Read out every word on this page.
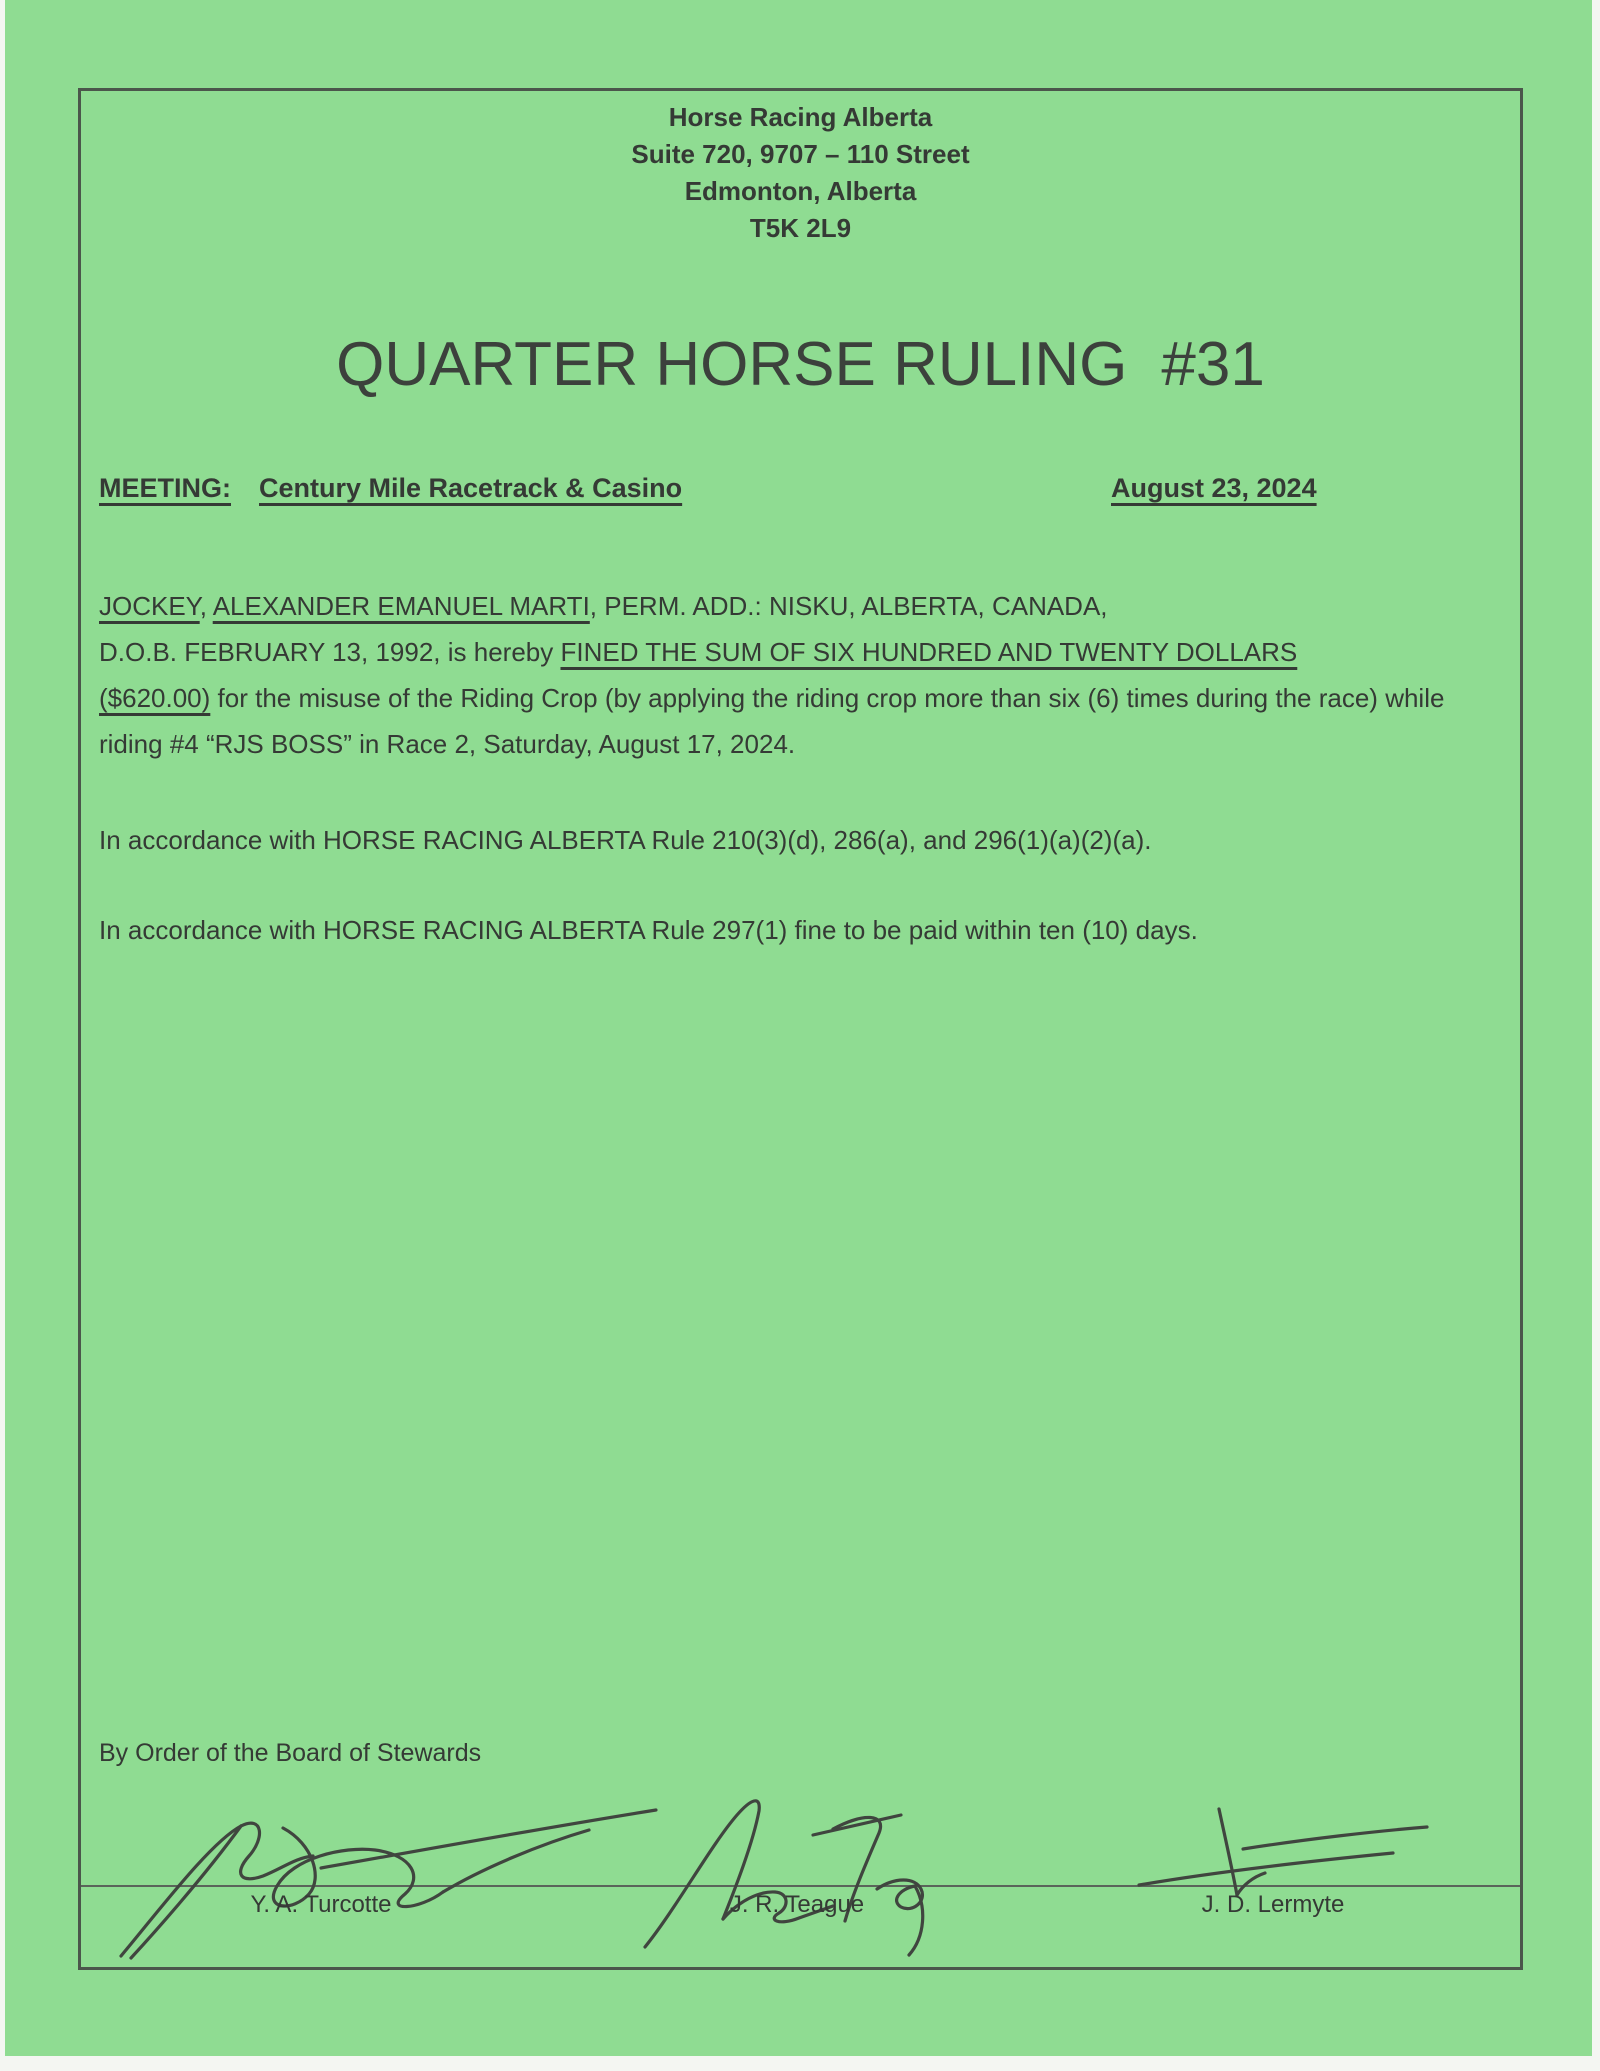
Horse Racing Alberta
Suite 720, 9707 – 110 Street
Edmonton, Alberta
T5K 2L9
QUARTER HORSE RULING #31
MEETING: Century Mile Racetrack & Casino	August 23, 2024

JOCKEY, ALEXANDER EMANUEL MARTI, PERM. ADD.: NISKU, ALBERTA, CANADA,
D.O.B. FEBRUARY 13, 1992, is hereby FINED THE SUM OF SIX HUNDRED AND TWENTY DOLLARS
($620.00) for the misuse of the Riding Crop (by applying the riding crop more than six (6) times during the race) while riding #4 “RJS BOSS” in Race 2, Saturday, August 17, 2024.

In accordance with HORSE RACING ALBERTA Rule 210(3)(d), 286(a), and 296(1)(a)(2)(a).

In accordance with HORSE RACING ALBERTA Rule 297(1) fine to be paid within ten (10) days.

By Order of the Board of Stewards
Y. A. Turcotte	J. R. Teague	J. D. Lermyte
